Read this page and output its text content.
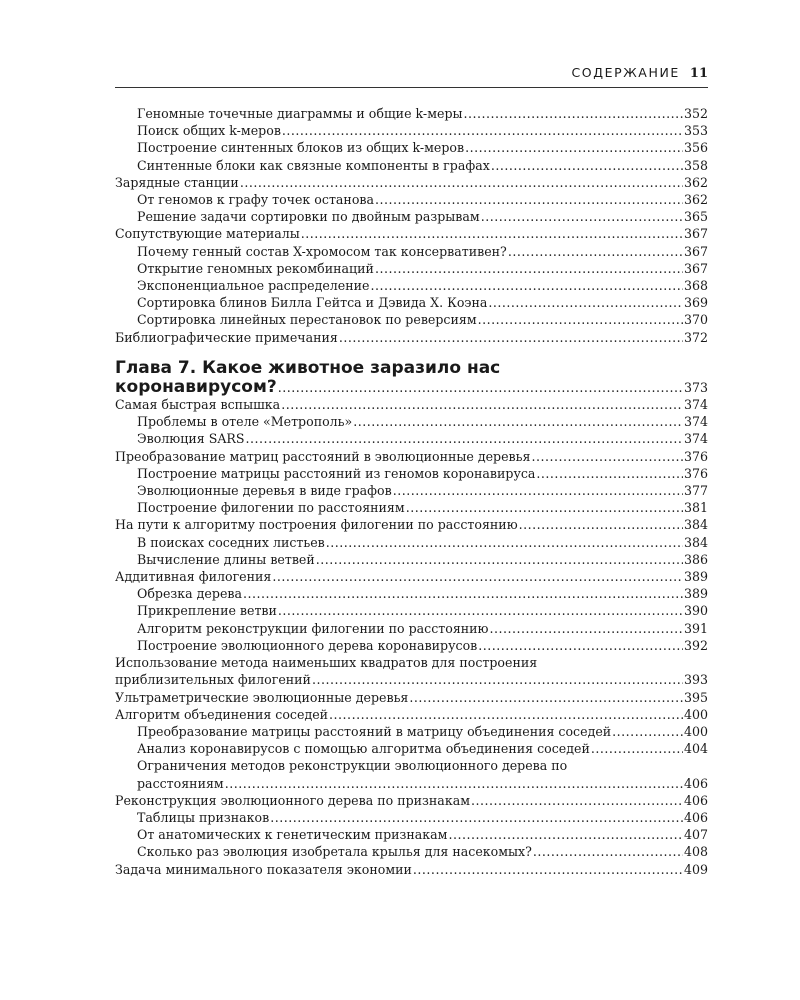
СОДЕРЖАНИЕ 11
Геномные точечные диаграммы и общие k-меры .....	352
Поиск общих k-меров .....	353
Построение синтенных блоков из общих k-меров .....	356
Синтенные блоки как связные компоненты в графах .....	358
Зарядные станции .....	362
От геномов к графу точек останова .....	362
Решение задачи сортировки по двойным разрывам .....	365
Сопутствующие материалы .....	367
Почему генный состав X-хромосом так консервативен? .....	367
Открытие геномных рекомбинаций .....	367
Экспоненциальное распределение .....	368
Сортировка блинов Билла Гейтса и Дэвида Х. Коэна .....	369
Сортировка линейных перестановок по реверсиям .....	370
Библиографические примечания .....	372
Глава 7. Какое животное заразило нас
коронавирусом? .....	373
Самая быстрая вспышка .....	374
Проблемы в отеле «Метрополь» .....	374
Эволюция SARS .....	374
Преобразование матриц расстояний в эволюционные деревья .....	376
Построение матрицы расстояний из геномов коронавируса .....	376
Эволюционные деревья в виде графов .....	377
Построение филогении по расстояниям .....	381
На пути к алгоритму построения филогении по расстоянию .....	384
В поисках соседних листьев .....	384
Вычисление длины ветвей .....	386
Аддитивная филогения .....	389
Обрезка дерева .....	389
Прикрепление ветви .....	390
Алгоритм реконструкции филогении по расстоянию .....	391
Построение эволюционного дерева коронавирусов .....	392
Использование метода наименьших квадратов для построения
приблизительных филогений .....	393
Ультраметрические эволюционные деревья .....	395
Алгоритм объединения соседей .....	400
Преобразование матрицы расстояний в матрицу объединения соседей .....	400
Анализ коронавирусов с помощью алгоритма объединения соседей .....	404
Ограничения методов реконструкции эволюционного дерева по
расстояниям .....	406
Реконструкция эволюционного дерева по признакам .....	406
Таблицы признаков .....	406
От анатомических к генетическим признакам .....	407
Сколько раз эволюция изобретала крылья для насекомых? .....	408
Задача минимального показателя экономии .....	409
